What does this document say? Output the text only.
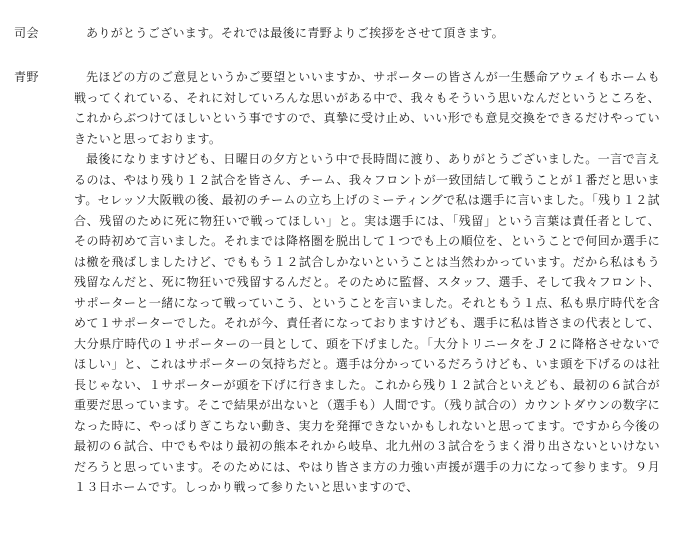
司会	ありがとうございます。それでは最後に青野よりご挨拶をさせて頂きます。

青野	先ほどの方のご意見というかご要望といいますか、サポーターの皆さんが一生懸命アウェイもホームも戦ってくれている、それに対していろんな思いがある中で、我々もそういう思いなんだというところを、これからぶつけてほしいという事ですので、真摯に受け止め、いい形でも意見交換をできるだけやっていきたいと思っております。

最後になりますけども、日曜日の夕方という中で長時間に渡り、ありがとうございました。一言で言えるのは、やはり残り１２試合を皆さん、チーム、我々フロントが一致団結して戦うことが１番だと思います。セレッソ大阪戦の後、最初のチームの立ち上げのミーティングで私は選手に言いました。「残り１２試合、残留のために死に物狂いで戦ってほしい」と。実は選手には、「残留」という言葉は責任者として、その時初めて言いました。それまでは降格圏を脱出して１つでも上の順位を、ということで何回か選手には檄を飛ばしましたけど、でももう１２試合しかないということは当然わかっています。だから私はもう残留なんだと、死に物狂いで残留するんだと。そのために監督、スタッフ、選手、そして我々フロント、サポーターと一緒になって戦っていこう、ということを言いました。それともう１点、私も県庁時代を含めて１サポーターでした。それが今、責任者になっておりますけども、選手に私は皆さまの代表として、大分県庁時代の１サポーターの一員として、頭を下げました。「大分トリニータをＪ２に降格させないでほしい」と、これはサポーターの気持ちだと。選手は分かっているだろうけども、いま頭を下げるのは社長じゃない、１サポーターが頭を下げに行きました。これから残り１２試合といえども、最初の６試合が重要だ思っています。そこで結果が出ないと（選手も）人間です。（残り試合の）カウントダウンの数字になった時に、やっぱりぎこちない動き、実力を発揮できないかもしれないと思ってます。ですから今後の最初の６試合、中でもやはり最初の熊本それから岐阜、北九州の３試合をうまく滑り出さないといけないだろうと思っています。そのためには、やはり皆さま方の力強い声援が選手の力になって参ります。９月１３日ホームです。しっかり戦って参りたいと思いますので、
